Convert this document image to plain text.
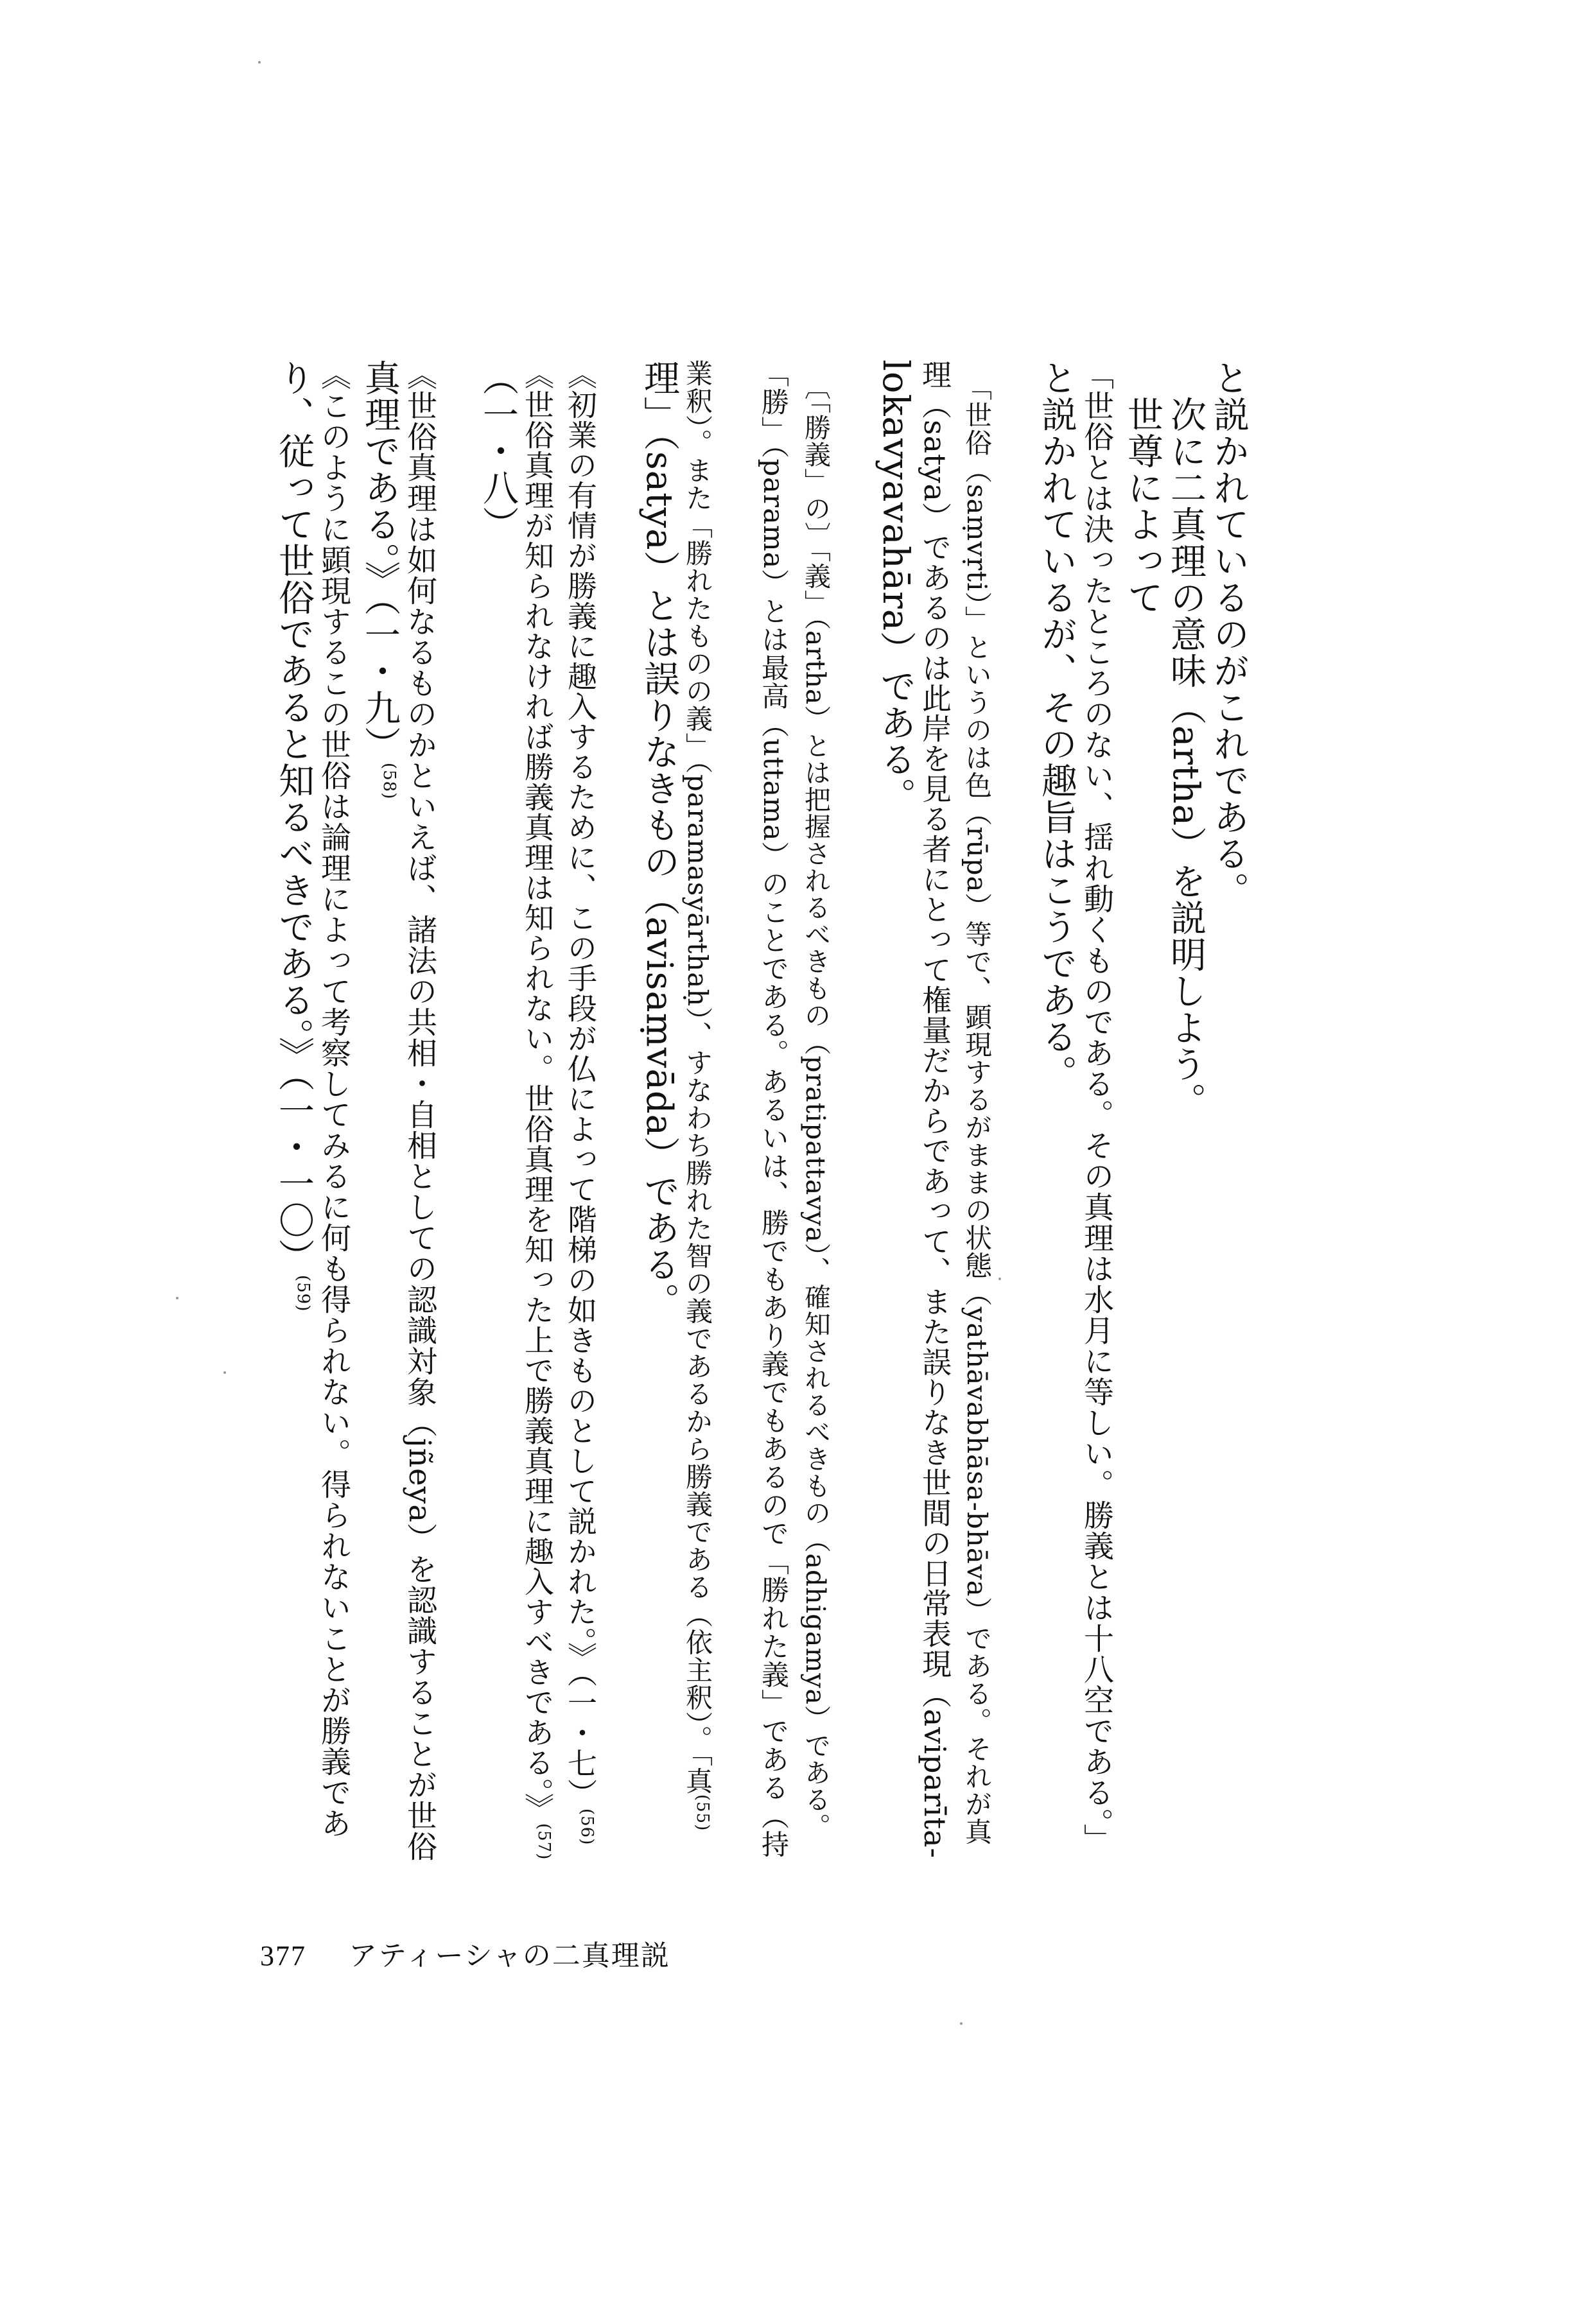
と説かれているのがこれである。
　次に二真理の意味（artha）を説明しよう。
　世尊によって
「世俗とは決ったところのない、揺れ動くものである。その真理は水月に等しい。勝義とは十八空である。」
と説かれているが、その趣旨はこうである。
　「世俗（saṃvṛti）」というのは色（rūpa）等で、顕現するがままの状態（yathāvabhāsa-bhāva）である。それが真
理（satya）であるのは此岸を見る者にとって権量だからであって、また誤りなき世間の日常表現（aviparīta-
lokavyavahāra）である。
　〔「勝義」の〕「義」（artha）とは把握されるべきもの（pratipattavya）、確知されるべきもの（adhigamya）である。
「勝」（parama）とは最高（uttama）のことである。あるいは、勝でもあり義でもあるので「勝れた義」である（持
業釈）。また「勝れたものの義」（paramasyārthaḥ）、すなわち勝れた智の義であるから勝義である（依主釈）。「真$^{(55)}$
理」（satya）とは誤りなきもの（avisaṃvāda）である。
《初業の有情が勝義に趣入するために、この手段が仏によって階梯の如きものとして説かれた。》（一・七）$^{(56)}$
《世俗真理が知られなければ勝義真理は知られない。世俗真理を知った上で勝義真理に趣入すべきである。》$^{(57)}$
（一・八）
《世俗真理は如何なるものかといえば、諸法の共相・自相としての認識対象（jñeya）を認識することが世俗
真理である。》（一・九）$^{(58)}$
《このように顕現するこの世俗は論理によって考察してみるに何も得られない。得られないことが勝義であ
り、従って世俗であると知るべきである。》（一・一〇）$^{(59)}$
377 アティーシャの二真理説
